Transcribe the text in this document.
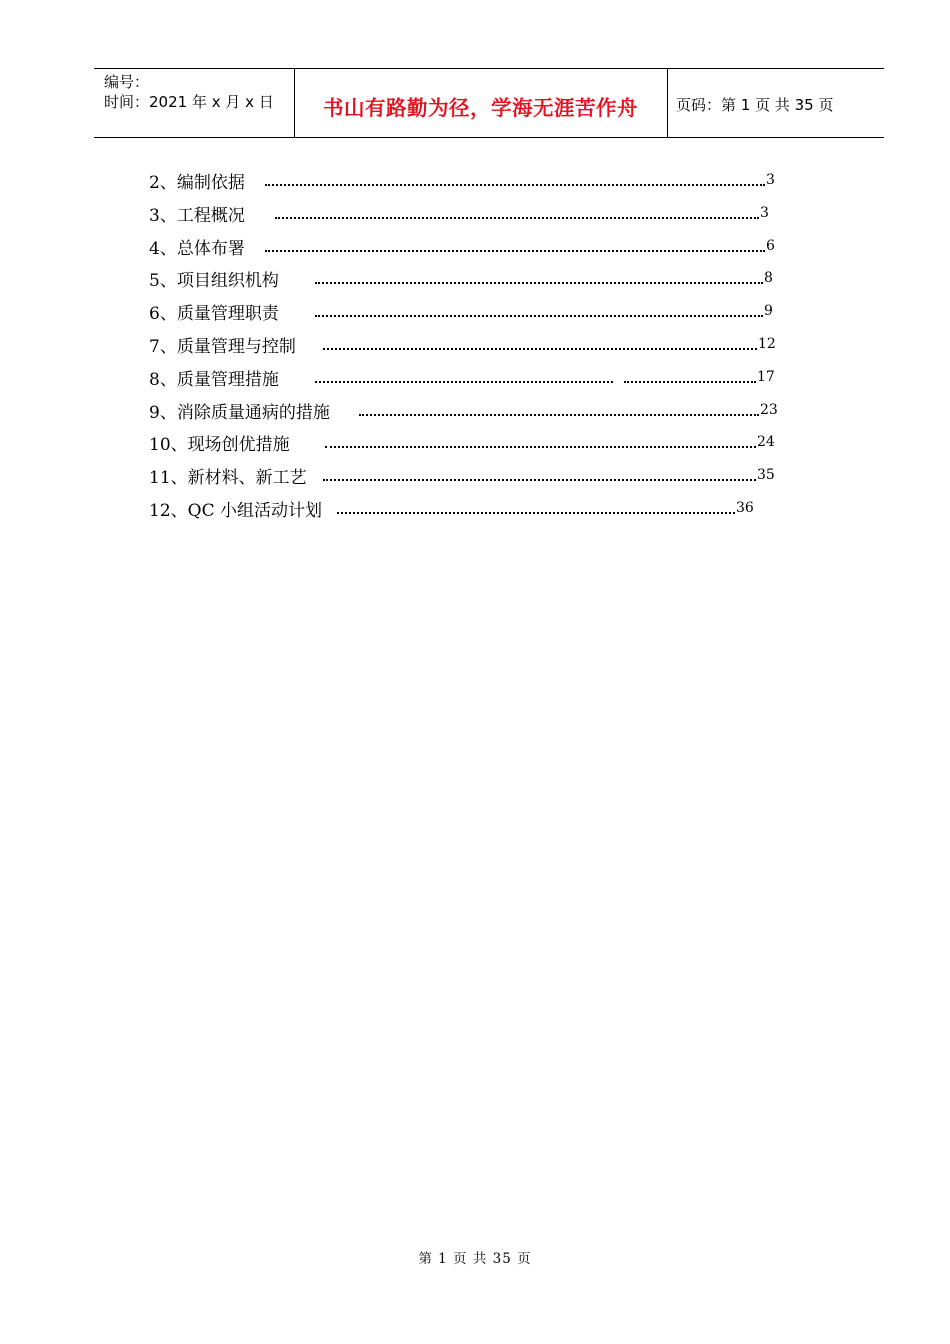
编号：
时间：2021 年 x 月 x 日	书山有路勤为径，学海无涯苦作舟	页码：第 1 页 共 35 页
2、编制依据	3
3、工程概况	3
4、总体布署	6
5、项目组织机构	8
6、质量管理职责	9
7、质量管理与控制	12
8、质量管理措施	17
9、消除质量通病的措施	23
10、现场创优措施	24
11、新材料、新工艺	35
12、QC 小组活动计划	36
第 1 页 共 35 页
